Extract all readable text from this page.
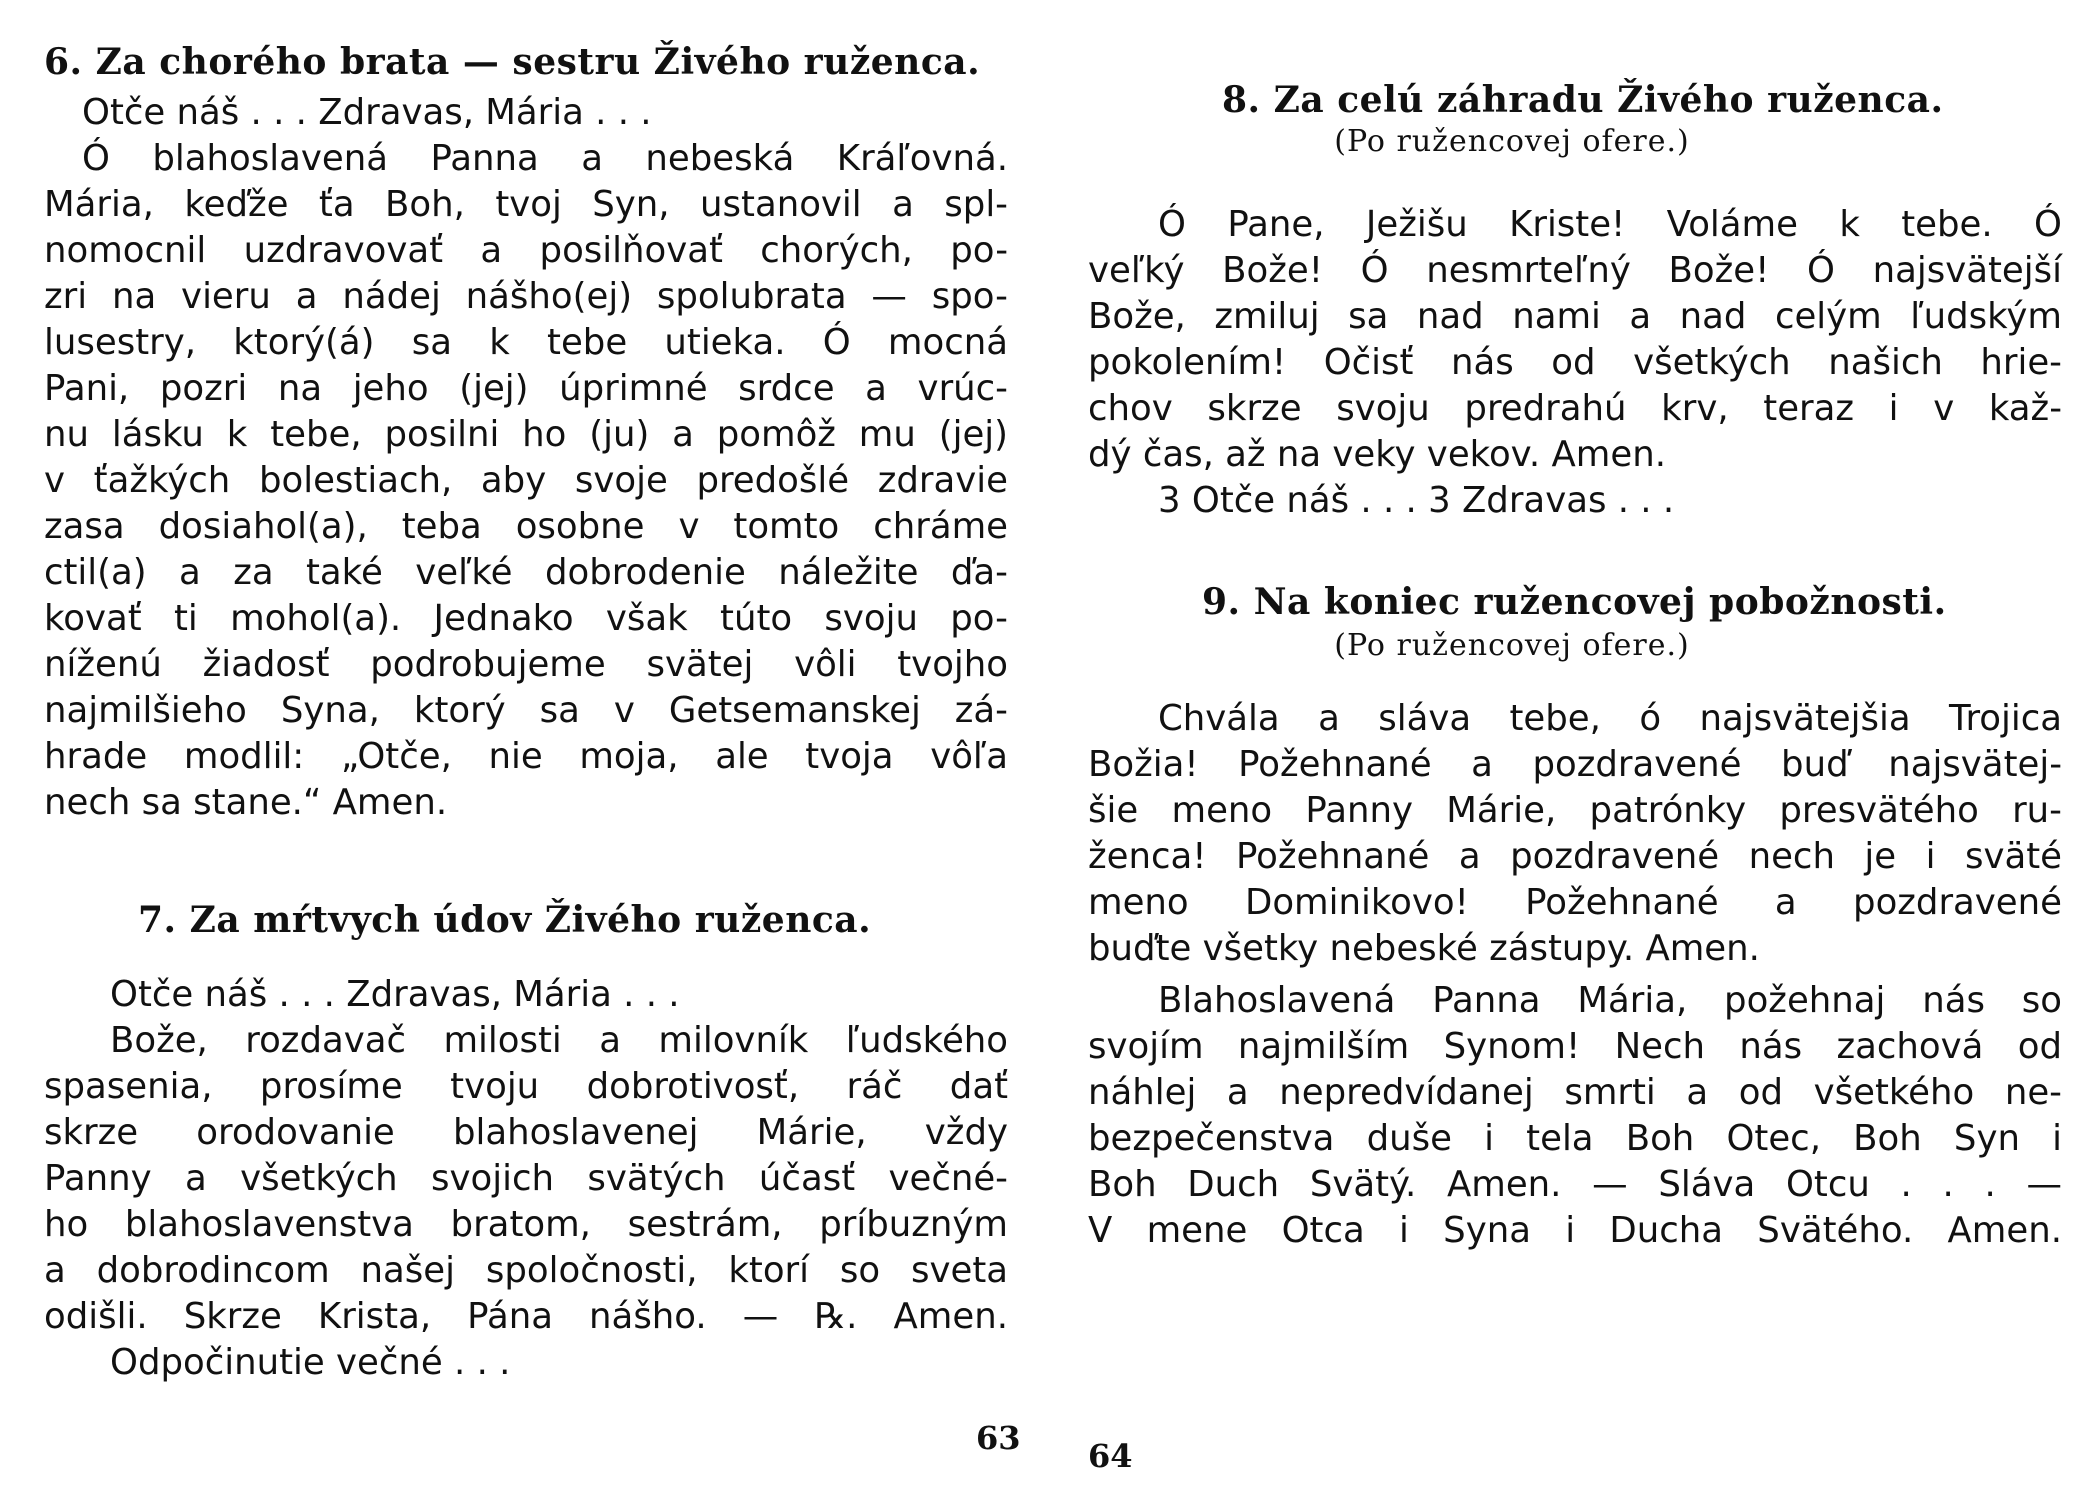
6. Za chorého brata — sestru Živého ruženca.
Otče náš . . . Zdravas, Mária . . .
Ó blahoslavená Panna a nebeská Kráľovná.
Mária, keďže ťa Boh, tvoj Syn, ustanovil a spl-
nomocnil uzdravovať a posilňovať chorých, po-
zri na vieru a nádej nášho(ej) spolubrata — spo-
lusestry, ktorý(á) sa k tebe utieka. Ó mocná
Pani, pozri na jeho (jej) úprimné srdce a vrúc-
nu lásku k tebe, posilni ho (ju) a pomôž mu (jej)
v ťažkých bolestiach, aby svoje predošlé zdravie
zasa dosiahol(a), teba osobne v tomto chráme
ctil(a) a za také veľké dobrodenie náležite ďa-
kovať ti mohol(a). Jednako však túto svoju po-
níženú žiadosť podrobujeme svätej vôli tvojho
najmilšieho Syna, ktorý sa v Getsemanskej zá-
hrade modlil: „Otče, nie moja, ale tvoja vôľa
nech sa stane.“ Amen.
7. Za mŕtvych údov Živého ruženca.
Otče náš . . . Zdravas, Mária . . .
Bože, rozdavač milosti a milovník ľudského
spasenia, prosíme tvoju dobrotivosť, ráč dať
skrze orodovanie blahoslavenej Márie, vždy
Panny a všetkých svojich svätých účasť večné-
ho blahoslavenstva bratom, sestrám, príbuzným
a dobrodincom našej spoločnosti, ktorí so sveta
odišli. Skrze Krista, Pána nášho. — ℞. Amen.
Odpočinutie večné . . .
63
8. Za celú záhradu Živého ruženca.
(Po ružencovej ofere.)
Ó Pane, Ježišu Kriste! Voláme k tebe. Ó
veľký Bože! Ó nesmrteľný Bože! Ó najsvätejší
Bože, zmiluj sa nad nami a nad celým ľudským
pokolením! Očisť nás od všetkých našich hrie-
chov skrze svoju predrahú krv, teraz i v kaž-
dý čas, až na veky vekov. Amen.
3 Otče náš . . . 3 Zdravas . . .
9. Na koniec ružencovej pobožnosti.
(Po ružencovej ofere.)
Chvála a sláva tebe, ó najsvätejšia Trojica
Božia! Požehnané a pozdravené buď najsvätej-
šie meno Panny Márie, patrónky presvätého ru-
ženca! Požehnané a pozdravené nech je i sväté
meno Dominikovo! Požehnané a pozdravené
buďte všetky nebeské zástupy. Amen.
Blahoslavená Panna Mária, požehnaj nás so
svojím najmilším Synom! Nech nás zachová od
náhlej a nepredvídanej smrti a od všetkého ne-
bezpečenstva duše i tela Boh Otec, Boh Syn i
Boh Duch Svätý. Amen. — Sláva Otcu . . . —
V mene Otca i Syna i Ducha Svätého. Amen.
64
